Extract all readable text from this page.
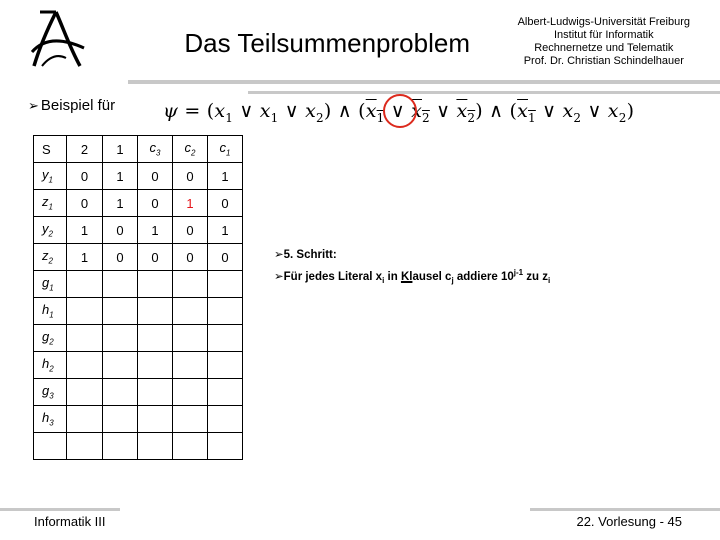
Das Teilsummenproblem
Albert-Ludwigs-Universität Freiburg
Institut für Informatik
Rechnernetze und Telematik
Prof. Dr. Christian Schindelhauer
➢ Beispiel für	$\psi = (x_1$ ∨ $x_1$ ∨ $x_2$) ∧ ($x_1$ ∨ $x_2$ ∨ $x_2$) ∧ ($x_1$ ∨ $x_2$ ∨ $x_2$)
S	2	1	$c_3$	$c_2$	$c_1$
$y_1$	0	1	0	0	1
$z_1$	0	1	0	1	0
$y_2$	1	0	1	0	1
$z_2$	1	0	0	0	0
$g_1$					
$h_1$					
$g_2$					
$h_2$					
$g_3$					
$h_3$					

➢5. Schritt:
➢Für jedes Literal $x_i$ in Klausel $c_j$ addiere 10$^{j-1}$ zu $z_i$
Informatik III	22. Vorlesung - 45
